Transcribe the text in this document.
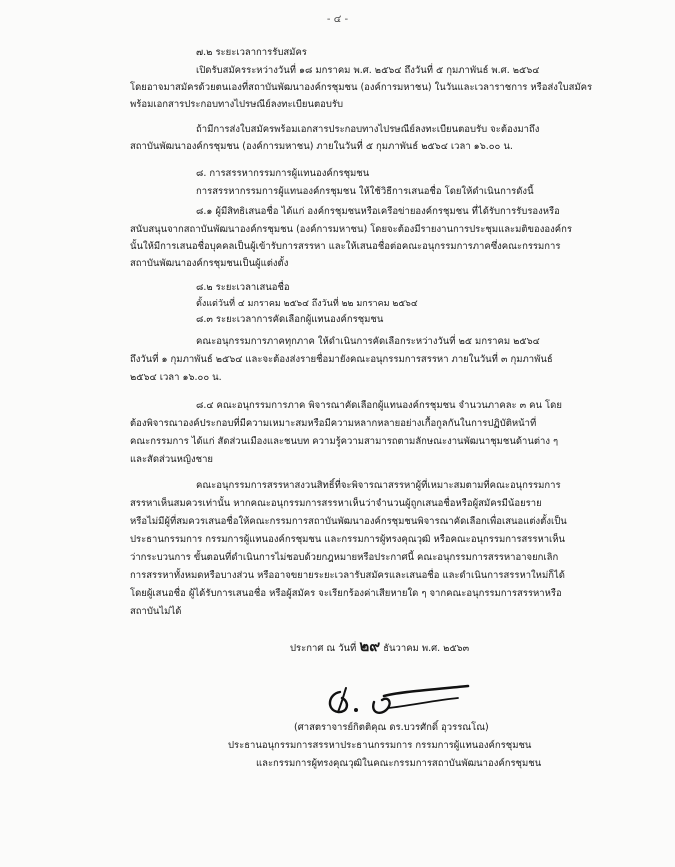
- ๔ -
๗.๒ ระยะเวลาการรับสมัคร
เปิดรับสมัครระหว่างวันที่ ๑๘ มกราคม พ.ศ. ๒๕๖๔ ถึงวันที่ ๕ กุมภาพันธ์ พ.ศ. ๒๕๖๔
โดยอาจมาสมัครด้วยตนเองที่สถาบันพัฒนาองค์กรชุมชน (องค์การมหาชน) ในวันและเวลาราชการ หรือส่งใบสมัคร
พร้อมเอกสารประกอบทางไปรษณีย์ลงทะเบียนตอบรับ
ถ้ามีการส่งใบสมัครพร้อมเอกสารประกอบทางไปรษณีย์ลงทะเบียนตอบรับ จะต้องมาถึง
สถาบันพัฒนาองค์กรชุมชน (องค์การมหาชน) ภายในวันที่ ๕ กุมภาพันธ์ ๒๕๖๔ เวลา ๑๖.๐๐ น.
๘. การสรรหากรรมการผู้แทนองค์กรชุมชน
การสรรหากรรมการผู้แทนองค์กรชุมชน ให้ใช้วิธีการเสนอชื่อ โดยให้ดำเนินการดังนี้
๘.๑ ผู้มีสิทธิเสนอชื่อ ได้แก่ องค์กรชุมชนหรือเครือข่ายองค์กรชุมชน ที่ได้รับการรับรองหรือ
สนับสนุนจากสถาบันพัฒนาองค์กรชุมชน (องค์การมหาชน) โดยจะต้องมีรายงานการประชุมและมติขององค์กร
นั้นให้มีการเสนอชื่อบุคคลเป็นผู้เข้ารับการสรรหา และให้เสนอชื่อต่อคณะอนุกรรมการภาคซึ่งคณะกรรมการ
สถาบันพัฒนาองค์กรชุมชนเป็นผู้แต่งตั้ง
๘.๒ ระยะเวลาเสนอชื่อ
ตั้งแต่วันที่ ๔ มกราคม ๒๕๖๔ ถึงวันที่ ๒๒ มกราคม ๒๕๖๔
๘.๓ ระยะเวลาการคัดเลือกผู้แทนองค์กรชุมชน
คณะอนุกรรมการภาคทุกภาค ให้ดำเนินการคัดเลือกระหว่างวันที่ ๒๕ มกราคม ๒๕๖๔
ถึงวันที่ ๑ กุมภาพันธ์ ๒๕๖๔ และจะต้องส่งรายชื่อมายังคณะอนุกรรมการสรรหา ภายในวันที่ ๓ กุมภาพันธ์
๒๕๖๔ เวลา ๑๖.๐๐ น.
๘.๔ คณะอนุกรรมการภาค พิจารณาคัดเลือกผู้แทนองค์กรชุมชน จำนวนภาคละ ๓ คน โดย
ต้องพิจารณาองค์ประกอบที่มีความเหมาะสมหรือมีความหลากหลายอย่างเกื้อกูลกันในการปฏิบัติหน้าที่
คณะกรรมการ ได้แก่ สัดส่วนเมืองและชนบท ความรู้ความสามารถตามลักษณะงานพัฒนาชุมชนด้านต่าง ๆ
และสัดส่วนหญิงชาย
คณะอนุกรรมการสรรหาสงวนสิทธิ์ที่จะพิจารณาสรรหาผู้ที่เหมาะสมตามที่คณะอนุกรรมการ
สรรหาเห็นสมควรเท่านั้น หากคณะอนุกรรมการสรรหาเห็นว่าจำนวนผู้ถูกเสนอชื่อหรือผู้สมัครมีน้อยราย
หรือไม่มีผู้ที่สมควรเสนอชื่อให้คณะกรรมการสถาบันพัฒนาองค์กรชุมชนพิจารณาคัดเลือกเพื่อเสนอแต่งตั้งเป็น
ประธานกรรมการ กรรมการผู้แทนองค์กรชุมชน และกรรมการผู้ทรงคุณวุฒิ หรือคณะอนุกรรมการสรรหาเห็น
ว่ากระบวนการ ขั้นตอนที่ดำเนินการไม่ชอบด้วยกฎหมายหรือประกาศนี้ คณะอนุกรรมการสรรหาอาจยกเลิก
การสรรหาทั้งหมดหรือบางส่วน หรืออาจขยายระยะเวลารับสมัครและเสนอชื่อ และดำเนินการสรรหาใหม่ก็ได้
โดยผู้เสนอชื่อ ผู้ได้รับการเสนอชื่อ หรือผู้สมัคร จะเรียกร้องค่าเสียหายใด ๆ จากคณะอนุกรรมการสรรหาหรือ
สถาบันไม่ได้
ประกาศ ณ วันที่ ๒๙ ธันวาคม พ.ศ. ๒๕๖๓
(ศาสตราจารย์กิตติคุณ ดร.บวรศักดิ์ อุวรรณโณ)
ประธานอนุกรรมการสรรหาประธานกรรมการ กรรมการผู้แทนองค์กรชุมชน
และกรรมการผู้ทรงคุณวุฒิในคณะกรรมการสถาบันพัฒนาองค์กรชุมชน
